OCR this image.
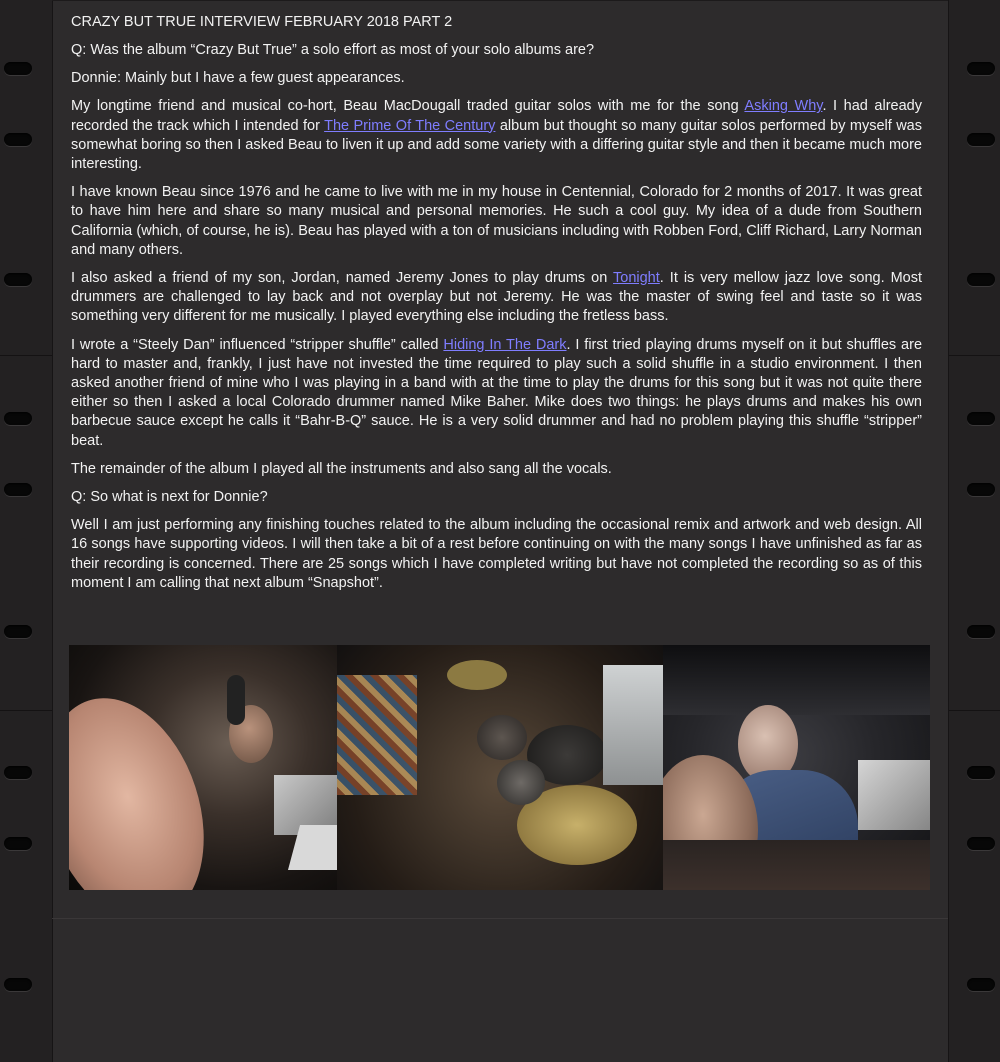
CRAZY BUT TRUE INTERVIEW FEBRUARY 2018 PART 2

Q: Was the album “Crazy But True” a solo effort as most of your solo albums are?

Donnie: Mainly but I have a few guest appearances.

My longtime friend and musical co-hort, Beau MacDougall traded guitar solos with me for the song Asking Why. I had already recorded the track which I intended for The Prime Of The Century album but thought so many guitar solos performed by myself was somewhat boring so then I asked Beau to liven it up and add some variety with a differing guitar style and then it became much more interesting.

I have known Beau since 1976 and he came to live with me in my house in Centennial, Colorado for 2 months of 2017. It was great to have him here and share so many musical and personal memories. He such a cool guy. My idea of a dude from Southern California (which, of course, he is). Beau has played with a ton of musicians including with Robben Ford, Cliff Richard, Larry Norman and many others.

I also asked a friend of my son, Jordan, named Jeremy Jones to play drums on Tonight. It is very mellow jazz love song. Most drummers are challenged to lay back and not overplay but not Jeremy. He was the master of swing feel and taste so it was something very different for me musically. I played everything else including the fretless bass.

I wrote a “Steely Dan” influenced “stripper shuffle” called Hiding In The Dark. I first tried playing drums myself on it but shuffles are hard to master and, frankly, I just have not invested the time required to play such a solid shuffle in a studio environment. I then asked another friend of mine who I was playing in a band with at the time to play the drums for this song but it was not quite there either so then I asked a local Colorado drummer named Mike Baher. Mike does two things: he plays drums and makes his own barbecue sauce except he calls it “Bahr-B-Q” sauce. He is a very solid drummer and had no problem playing this shuffle “stripper” beat.

The remainder of the album I played all the instruments and also sang all the vocals.

Q: So what is next for Donnie?

Well I am just performing any finishing touches related to the album including the occasional remix and artwork and web design. All 16 songs have supporting videos. I will then take a bit of a rest before continuing on with the many songs I have unfinished as far as their recording is concerned. There are 25 songs which I have completed writing but have not completed the recording so as of this moment I am calling that next album “Snapshot”.
